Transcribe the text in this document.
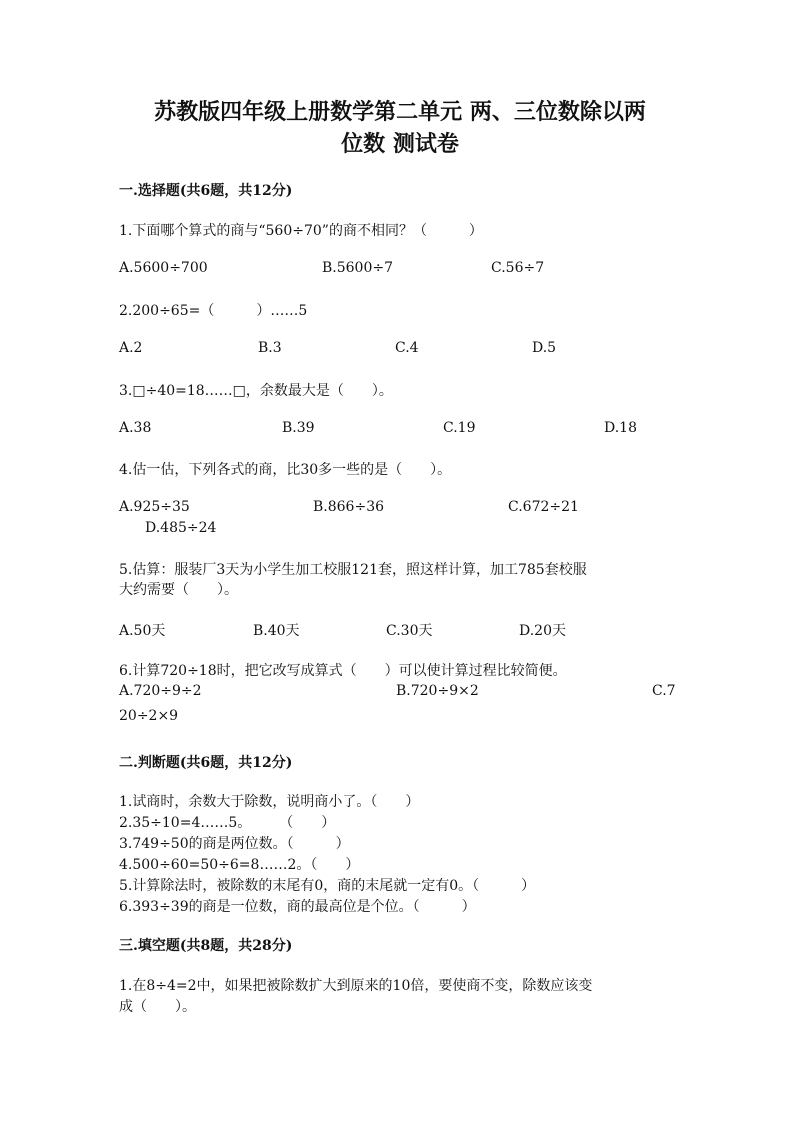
苏教版四年级上册数学第二单元 两、三位数除以两
位数 测试卷
一.选择题(共6题，共12分)
1.下面哪个算式的商与“560÷70”的商不相同？（　　　）
A.5600÷700	B.5600÷7	C.56÷7
2.200÷65=（　　　）……5
A.2	B.3	C.4	D.5
3.□÷40=18……□，余数最大是（　　）。
A.38	B.39	C.19	D.18
4.估一估，下列各式的商，比30多一些的是（　　）。
A.925÷35	B.866÷36	C.672÷21
D.485÷24
5.估算：服装厂3天为小学生加工校服121套，照这样计算，加工785套校服
大约需要（　　）。
A.50天	B.40天	C.30天	D.20天
6.计算720÷18时，把它改写成算式（　　）可以使计算过程比较简便。
A.720÷9÷2	B.720÷9×2	C.7
20÷2×9
二.判断题(共6题，共12分)
1.试商时，余数大于除数，说明商小了。（　　）
2.35÷10=4……5。　　　（　　）
3.749÷50的商是两位数。（　　　）
4.500÷60=50÷6=8……2。（　　）
5.计算除法时，被除数的末尾有0，商的末尾就一定有0。（　　　）
6.393÷39的商是一位数，商的最高位是个位。（　　　）
三.填空题(共8题，共28分)
1.在8÷4=2中，如果把被除数扩大到原来的10倍，要使商不变，除数应该变
成（　　）。
